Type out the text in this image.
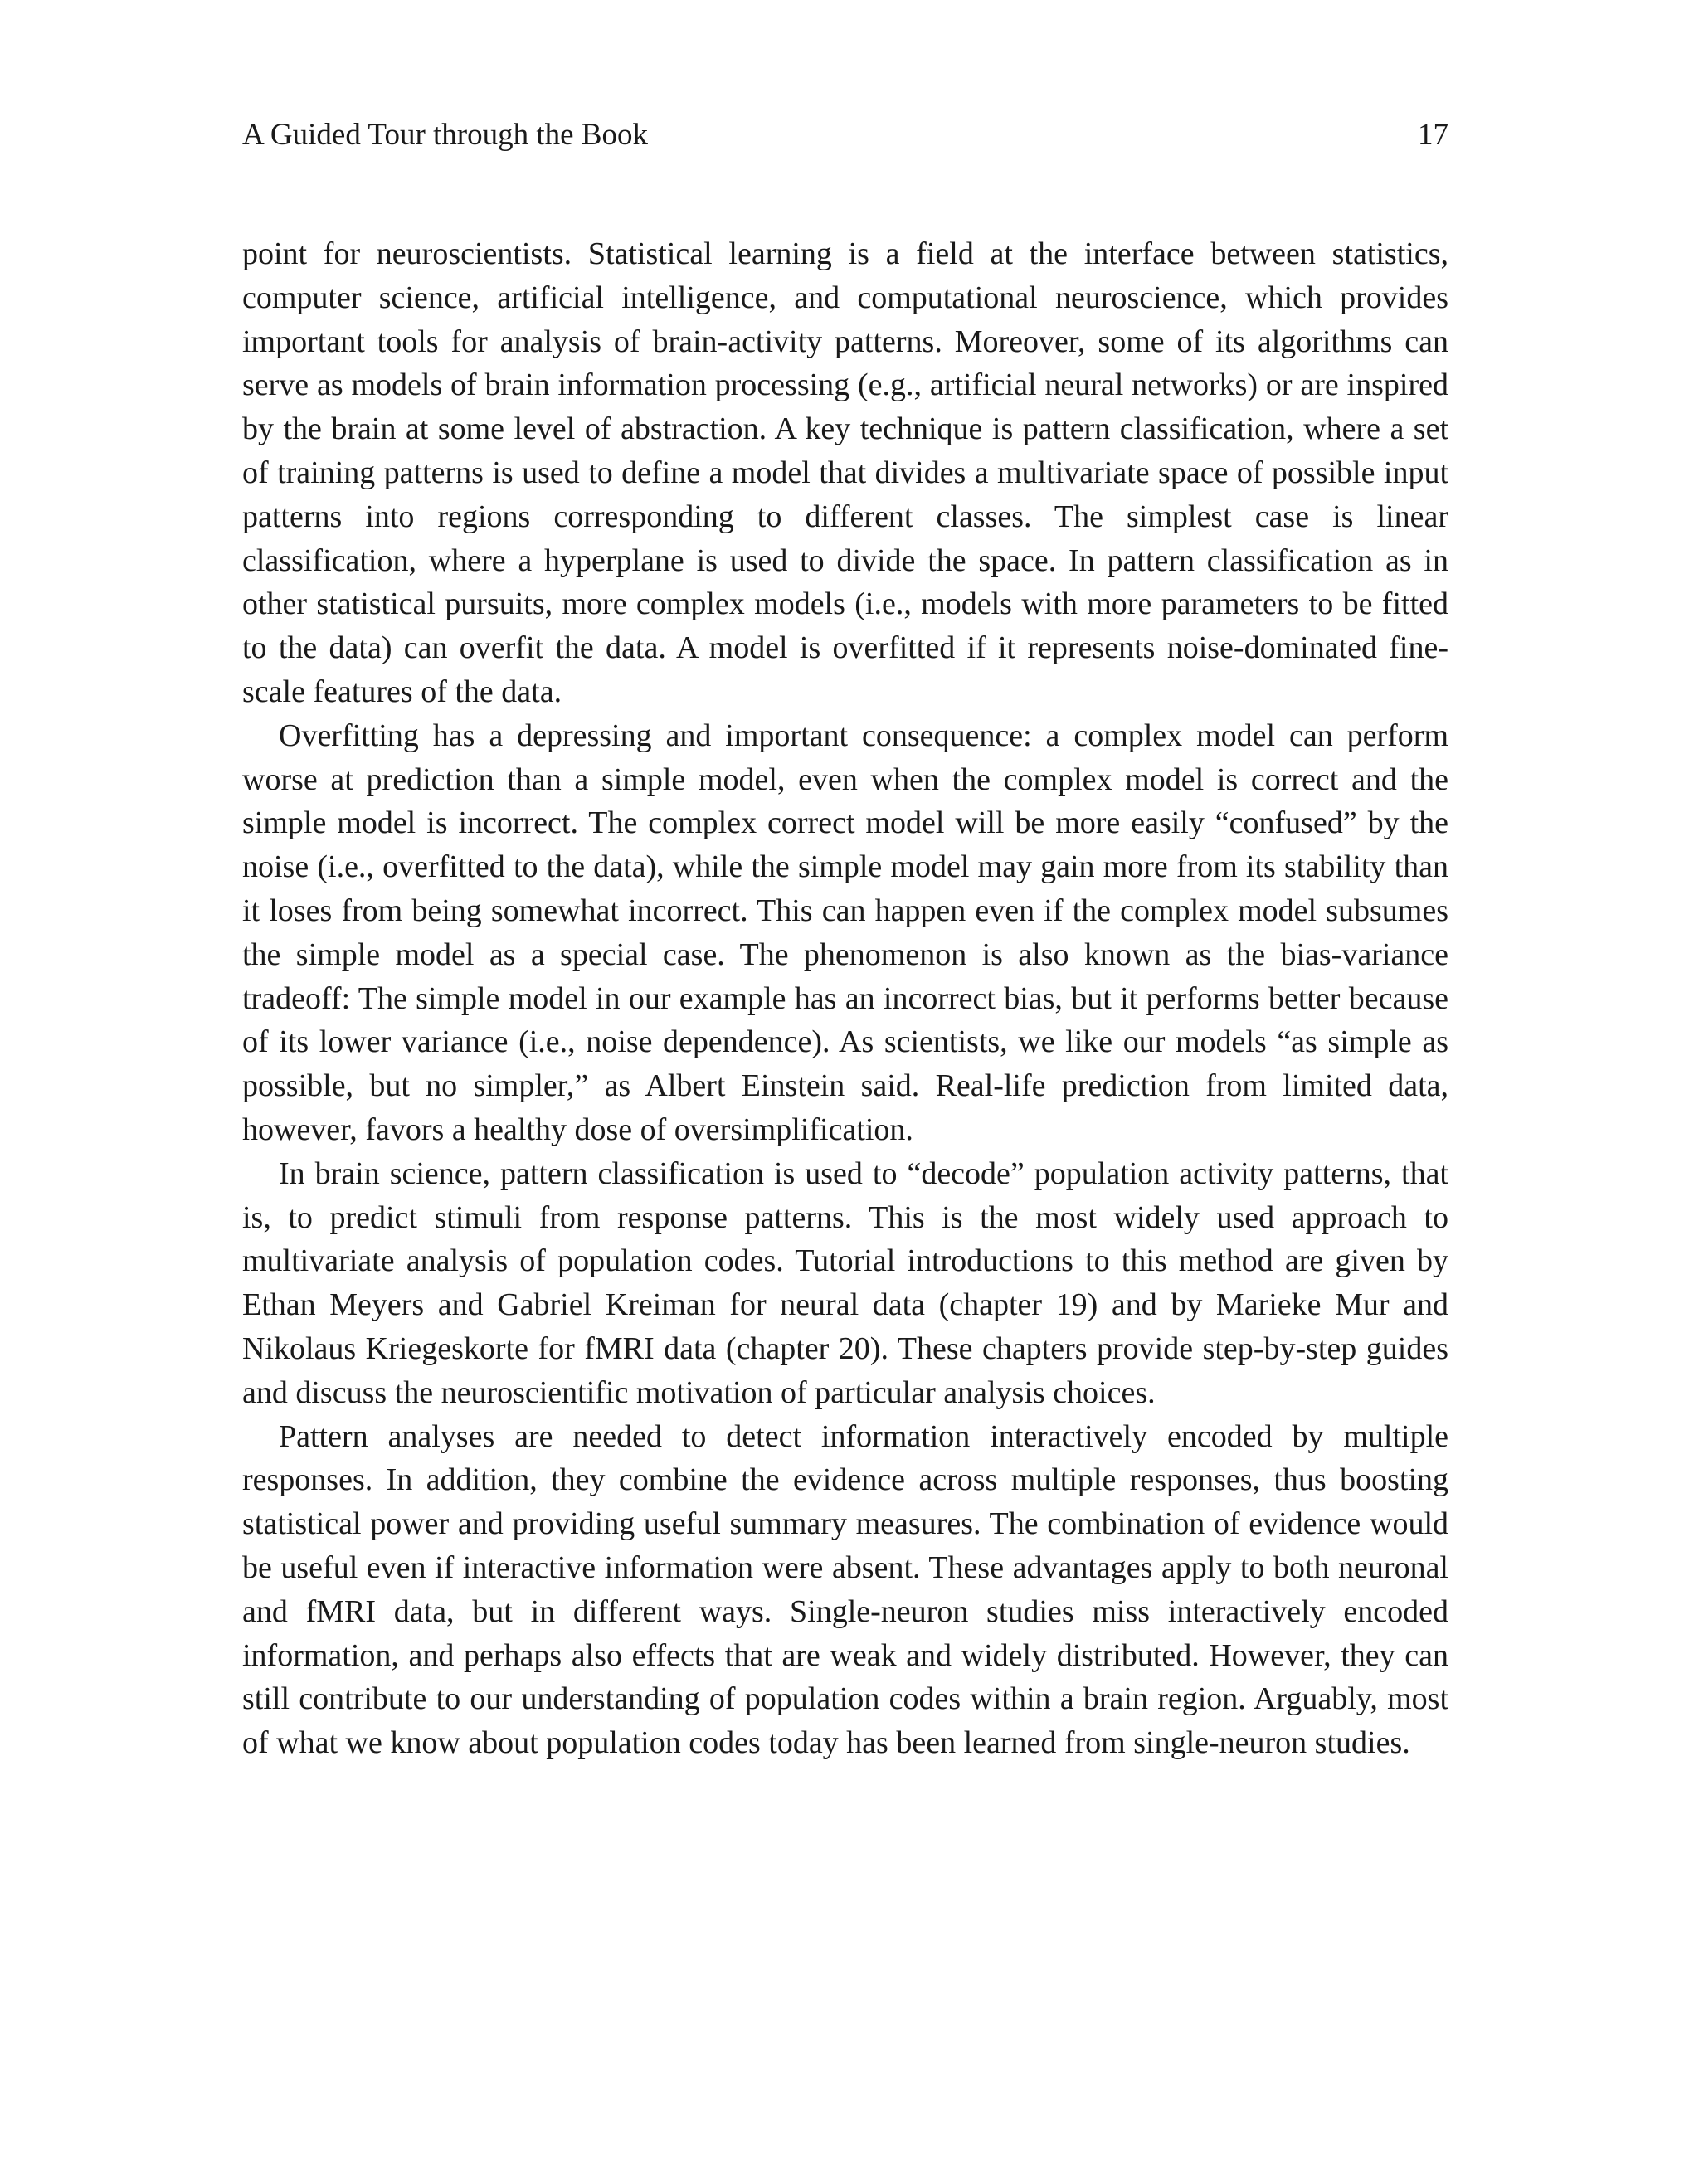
A Guided Tour through the Book	17

point for neuroscientists. Statistical learning is a field at the interface between statistics, computer science, artificial intelligence, and computational neuroscience, which provides important tools for analysis of brain-activity patterns. Moreover, some of its algorithms can serve as models of brain information processing (e.g., artificial neural networks) or are inspired by the brain at some level of abstraction. A key technique is pattern classification, where a set of training patterns is used to define a model that divides a multivariate space of possible input patterns into regions corresponding to different classes. The simplest case is linear classification, where a hyperplane is used to divide the space. In pattern classification as in other statistical pursuits, more complex models (i.e., models with more parameters to be fitted to the data) can overfit the data. A model is overfitted if it represents noise-dominated fine-scale features of the data.

Overfitting has a depressing and important consequence: a complex model can perform worse at prediction than a simple model, even when the complex model is correct and the simple model is incorrect. The complex correct model will be more easily “confused” by the noise (i.e., overfitted to the data), while the simple model may gain more from its stability than it loses from being somewhat incorrect. This can happen even if the complex model subsumes the simple model as a special case. The phenomenon is also known as the bias-variance tradeoff: The simple model in our example has an incorrect bias, but it performs better because of its lower variance (i.e., noise dependence). As scientists, we like our models “as simple as possible, but no simpler,” as Albert Einstein said. Real-life prediction from limited data, however, favors a healthy dose of oversimplification.

In brain science, pattern classification is used to “decode” population activity patterns, that is, to predict stimuli from response patterns. This is the most widely used approach to multivariate analysis of population codes. Tutorial introductions to this method are given by Ethan Meyers and Gabriel Kreiman for neural data (chapter 19) and by Marieke Mur and Nikolaus Kriegeskorte for fMRI data (chapter 20). These chapters provide step-by-step guides and discuss the neuroscientific motivation of particular analysis choices.

Pattern analyses are needed to detect information interactively encoded by multiple responses. In addition, they combine the evidence across multiple responses, thus boosting statistical power and providing useful summary measures. The combination of evidence would be useful even if interactive information were absent. These advantages apply to both neuronal and fMRI data, but in different ways. Single-neuron studies miss interactively encoded information, and perhaps also effects that are weak and widely distributed. However, they can still contribute to our understanding of population codes within a brain region. Arguably, most of what we know about population codes today has been learned from single-neuron studies.
